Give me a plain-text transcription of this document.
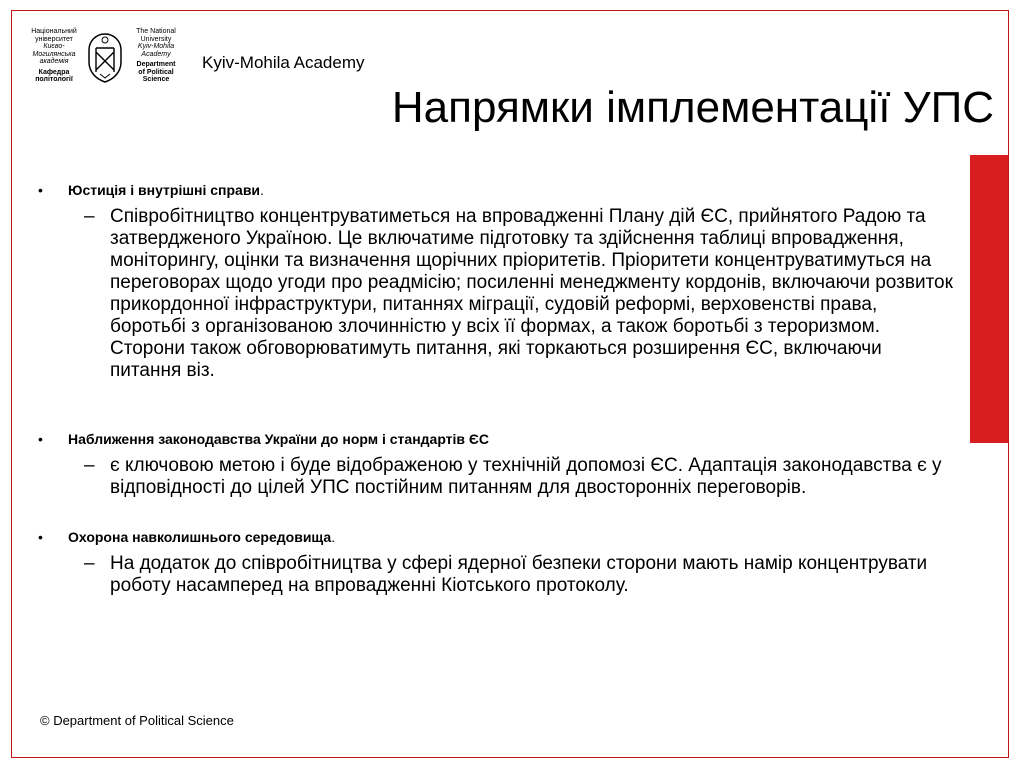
Національний
університет
Києво-
Могилянська
академія
Кафедра
політології
The National
University
Kyiv-Mohila
Academy
Department
of Political
Science
Kyiv-Mohila Academy
Напрямки імплементації УПС
• Юстиція і внутрішні справи.
– Співробітництво концентруватиметься на впровадженні Плану дій ЄС, прийнятого Радою та затвердженого Україною. Це включатиме підготовку та здійснення таблиці впровадження, моніторингу, оцінки та визначення щорічних пріоритетів. Пріоритети концентруватимуться на переговорах щодо угоди про реадмісію; посиленні менеджменту кордонів, включаючи розвиток прикордонної інфраструктури, питаннях міграції, судовій реформі, верховенстві права, боротьбі з організованою злочинністю у всіх її формах, а також боротьбі з тероризмом. Сторони також обговорюватимуть питання, які торкаються розширення ЄС, включаючи питання віз.
• Наближення законодавства України до норм і стандартів ЄС
– є ключовою метою і буде відображеною у технічній допомозі ЄС. Адаптація законодавства є у відповідності до цілей УПС постійним питанням для двосторонніх переговорів.
• Охорона навколишнього середовища.
– На додаток до співробітництва у сфері ядерної безпеки сторони мають намір концентрувати роботу насамперед на впровадженні Кіотського протоколу.
© Department of Political Science
